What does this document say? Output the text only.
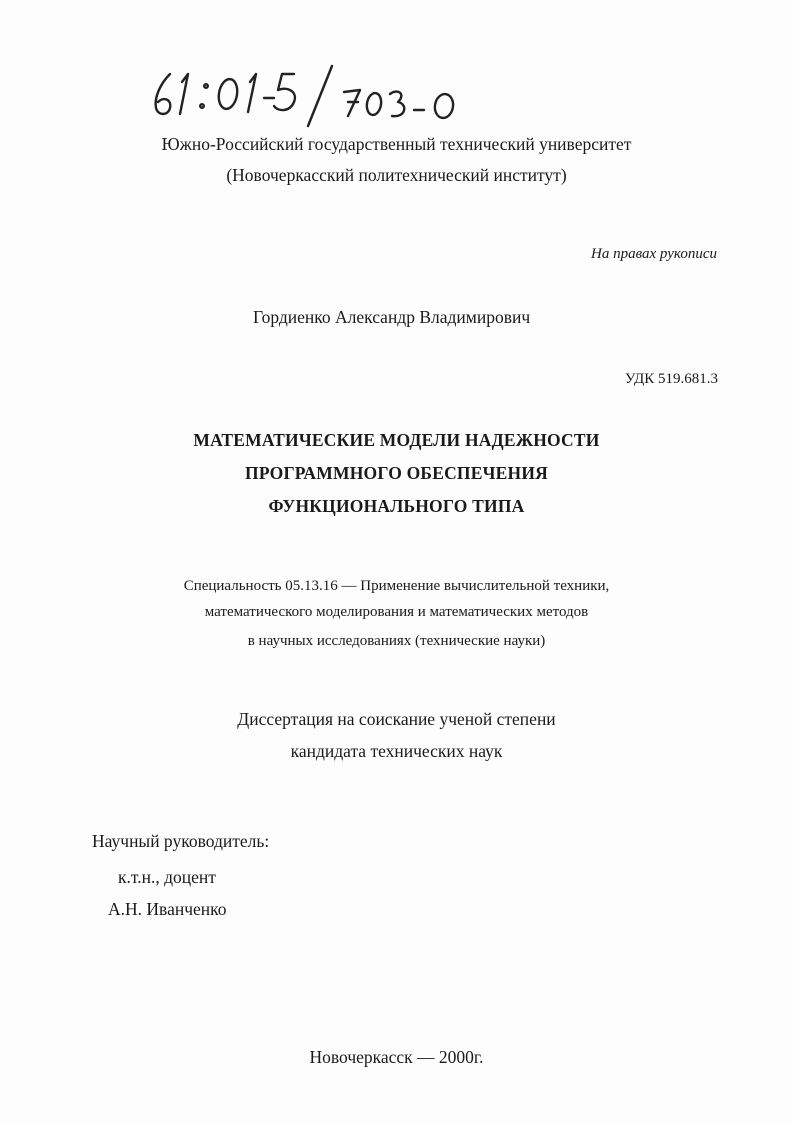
Южно-Российский государственный технический университет
(Новочеркасский политехнический институт)
На правах рукописи
Гордиенко Александр Владимирович
УДК 519.681.3
МАТЕМАТИЧЕСКИЕ МОДЕЛИ НАДЕЖНОСТИ
ПРОГРАММНОГО ОБЕСПЕЧЕНИЯ
ФУНКЦИОНАЛЬНОГО ТИПА
Специальность 05.13.16 — Применение вычислительной техники,
математического моделирования и математических методов
в научных исследованиях (технические науки)
Диссертация на соискание ученой степени
кандидата технических наук
Научный руководитель:
к.т.н., доцент
А.Н. Иванченко
Новочеркасск — 2000г.
